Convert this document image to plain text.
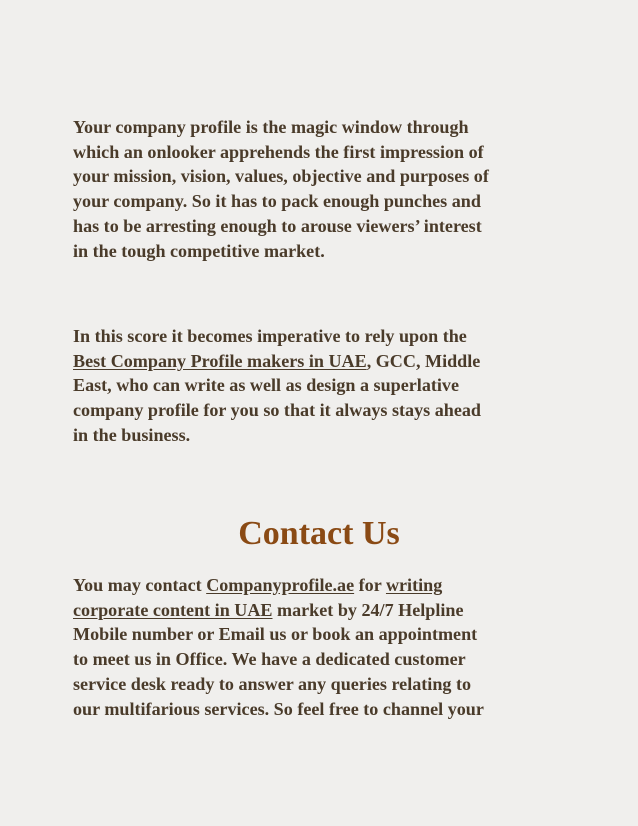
Your company profile is the magic window through
which an onlooker apprehends the first impression of
your mission, vision, values, objective and purposes of
your company. So it has to pack enough punches and
has to be arresting enough to arouse viewers’ interest
in the tough competitive market.

In this score it becomes imperative to rely upon the
Best Company Profile makers in UAE, GCC, Middle
East, who can write as well as design a superlative
company profile for you so that it always stays ahead
in the business.

Contact Us

You may contact Companyprofile.ae for writing
corporate content in UAE market by 24/7 Helpline
Mobile number or Email us or book an appointment
to meet us in Office. We have a dedicated customer
service desk ready to answer any queries relating to
our multifarious services. So feel free to channel your
